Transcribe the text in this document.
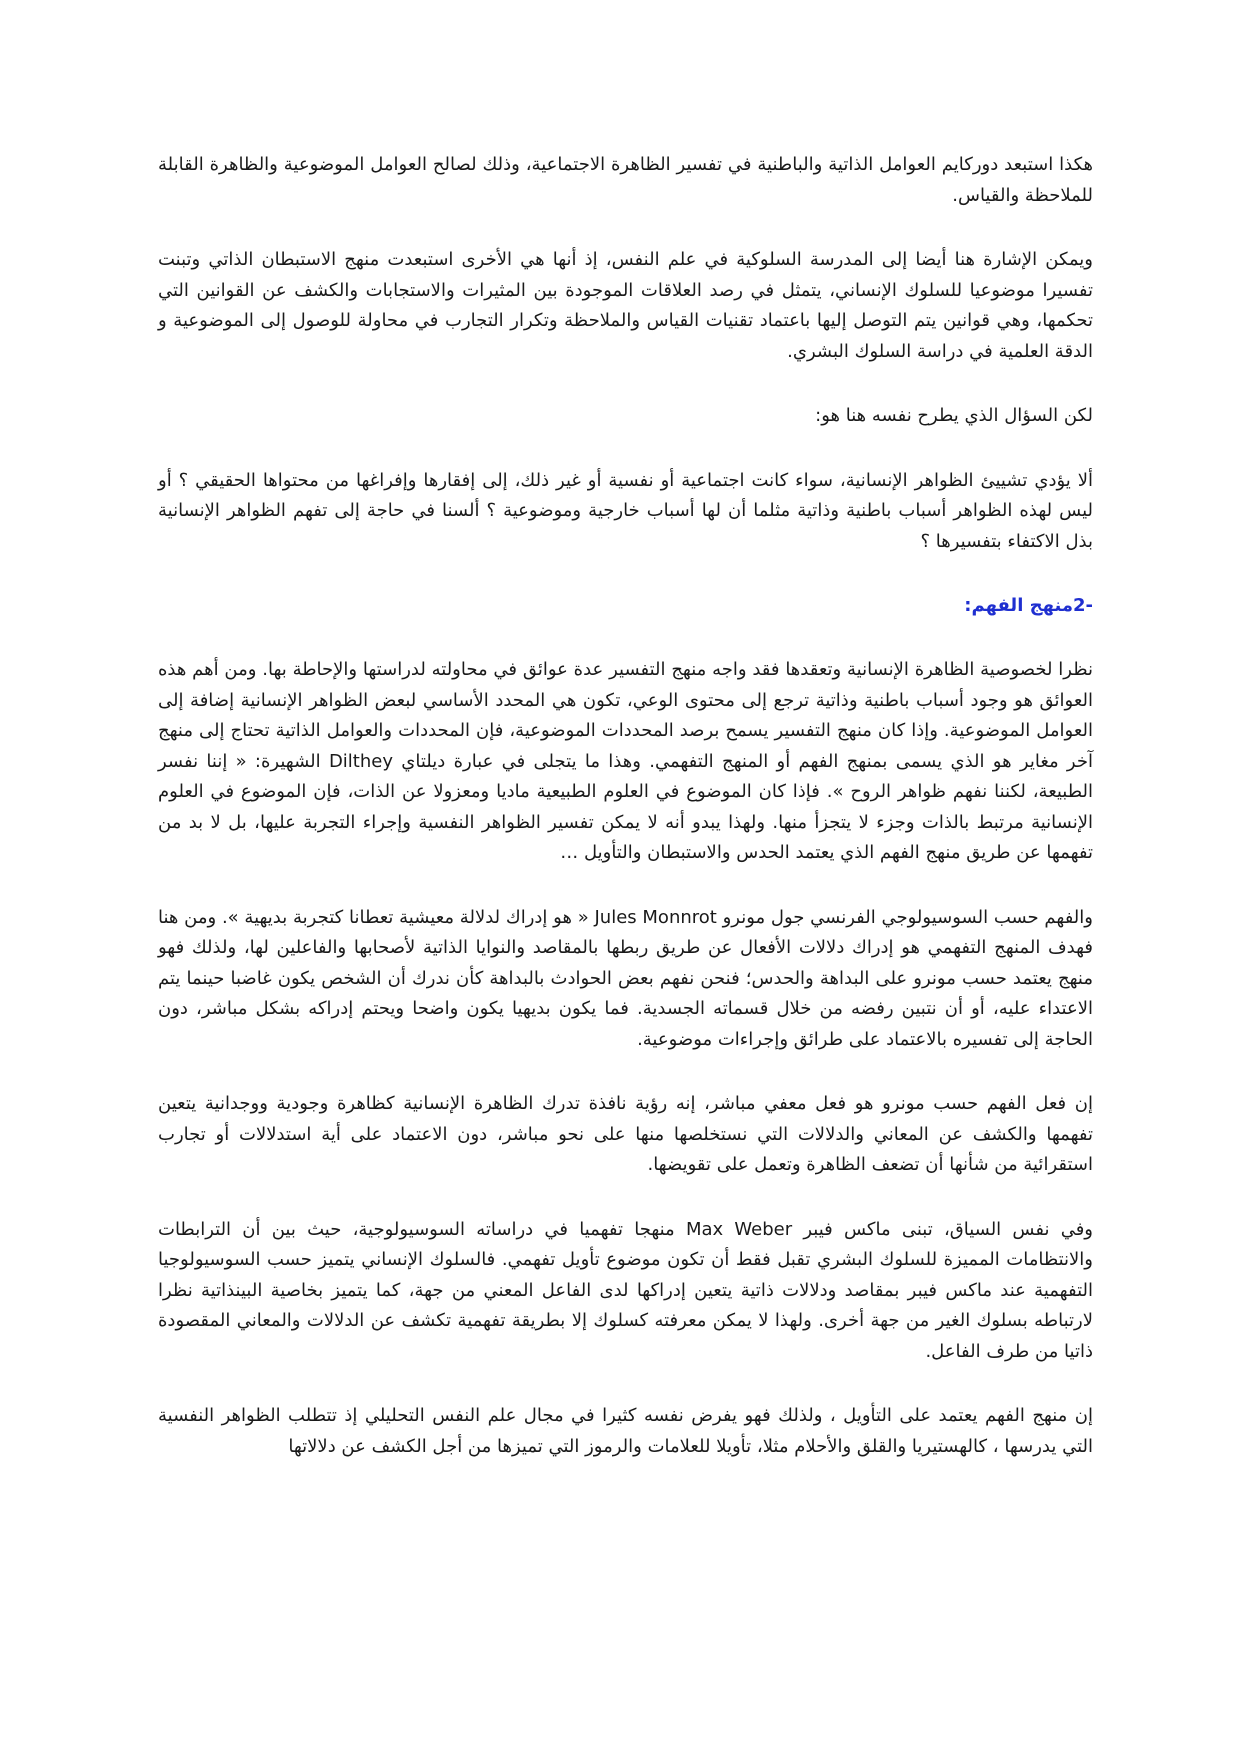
هكذا استبعد دوركايم العوامل الذاتية والباطنية في تفسير الظاهرة الاجتماعية، وذلك لصالح العوامل الموضوعية والظاهرة القابلة للملاحظة والقياس.

ويمكن الإشارة هنا أيضا إلى المدرسة السلوكية في علم النفس، إذ أنها هي الأخرى استبعدت منهج الاستبطان الذاتي وتبنت تفسيرا موضوعيا للسلوك الإنساني، يتمثل في رصد العلاقات الموجودة بين المثيرات والاستجابات والكشف عن القوانين التي تحكمها، وهي قوانين يتم التوصل إليها باعتماد تقنيات القياس والملاحظة وتكرار التجارب في محاولة للوصول إلى الموضوعية و الدقة العلمية في دراسة السلوك البشري.

لكن السؤال الذي يطرح نفسه هنا هو:

ألا يؤدي تشييئ الظواهر الإنسانية، سواء كانت اجتماعية أو نفسية أو غير ذلك، إلى إفقارها وإفراغها من محتواها الحقيقي ؟ أو ليس لهذه الظواهر أسباب باطنية وذاتية مثلما أن لها أسباب خارجية وموضوعية ؟ ألسنا في حاجة إلى تفهم الظواهر الإنسانية بذل الاكتفاء بتفسيرها ؟

-2منهج الفهم:

نظرا لخصوصية الظاهرة الإنسانية وتعقدها فقد واجه منهج التفسير عدة عوائق في محاولته لدراستها والإحاطة بها. ومن أهم هذه العوائق هو وجود أسباب باطنية وذاتية ترجع إلى محتوى الوعي، تكون هي المحدد الأساسي لبعض الظواهر الإنسانية إضافة إلى العوامل الموضوعية. وإذا كان منهج التفسير يسمح برصد المحددات الموضوعية، فإن المحددات والعوامل الذاتية تحتاج إلى منهج آخر مغاير هو الذي يسمى بمنهج الفهم أو المنهج التفهمي. وهذا ما يتجلى في عبارة ديلتاي Dilthey الشهيرة: « إننا نفسر الطبيعة، لكننا نفهم ظواهر الروح ». فإذا كان الموضوع في العلوم الطبيعية ماديا ومعزولا عن الذات، فإن الموضوع في العلوم الإنسانية مرتبط بالذات وجزء لا يتجزأ منها. ولهذا يبدو أنه لا يمكن تفسير الظواهر النفسية وإجراء التجربة عليها، بل لا بد من تفهمها عن طريق منهج الفهم الذي يعتمد الحدس والاستبطان والتأويل …

والفهم حسب السوسيولوجي الفرنسي جول مونرو Jules Monnrot « هو إدراك لدلالة معيشية تعطانا كتجربة بديهية ». ومن هنا فهدف المنهج التفهمي هو إدراك دلالات الأفعال عن طريق ربطها بالمقاصد والنوايا الذاتية لأصحابها والفاعلين لها، ولذلك فهو منهج يعتمد حسب مونرو على البداهة والحدس؛ فنحن نفهم بعض الحوادث بالبداهة كأن ندرك أن الشخص يكون غاضبا حينما يتم الاعتداء عليه، أو أن نتبين رفضه من خلال قسماته الجسدية. فما يكون بديهيا يكون واضحا ويحتم إدراكه بشكل مباشر، دون الحاجة إلى تفسيره بالاعتماد على طرائق وإجراءات موضوعية.

إن فعل الفهم حسب مونرو هو فعل معفي مباشر، إنه رؤية نافذة تدرك الظاهرة الإنسانية كظاهرة وجودية ووجدانية يتعين تفهمها والكشف عن المعاني والدلالات التي نستخلصها منها على نحو مباشر، دون الاعتماد على أية استدلالات أو تجارب استقرائية من شأنها أن تضعف الظاهرة وتعمل على تقويضها.

وفي نفس السياق، تبنى ماكس فيبر Max Weber منهجا تفهميا في دراساته السوسيولوجية، حيث بين أن الترابطات والانتظامات المميزة للسلوك البشري تقبل فقط أن تكون موضوع تأويل تفهمي. فالسلوك الإنساني يتميز حسب السوسيولوجيا التفهمية عند ماكس فيبر بمقاصد ودلالات ذاتية يتعين إدراكها لدى الفاعل المعني من جهة، كما يتميز بخاصية البينذاتية نظرا لارتباطه بسلوك الغير من جهة أخرى. ولهذا لا يمكن معرفته كسلوك إلا بطريقة تفهمية تكشف عن الدلالات والمعاني المقصودة ذاتيا من طرف الفاعل.

إن منهج الفهم يعتمد على التأويل ، ولذلك فهو يفرض نفسه كثيرا في مجال علم النفس التحليلي إذ تتطلب الظواهر النفسية التي يدرسها ، كالهستيريا والقلق والأحلام مثلا، تأويلا للعلامات والرموز التي تميزها من أجل الكشف عن دلالاتها
